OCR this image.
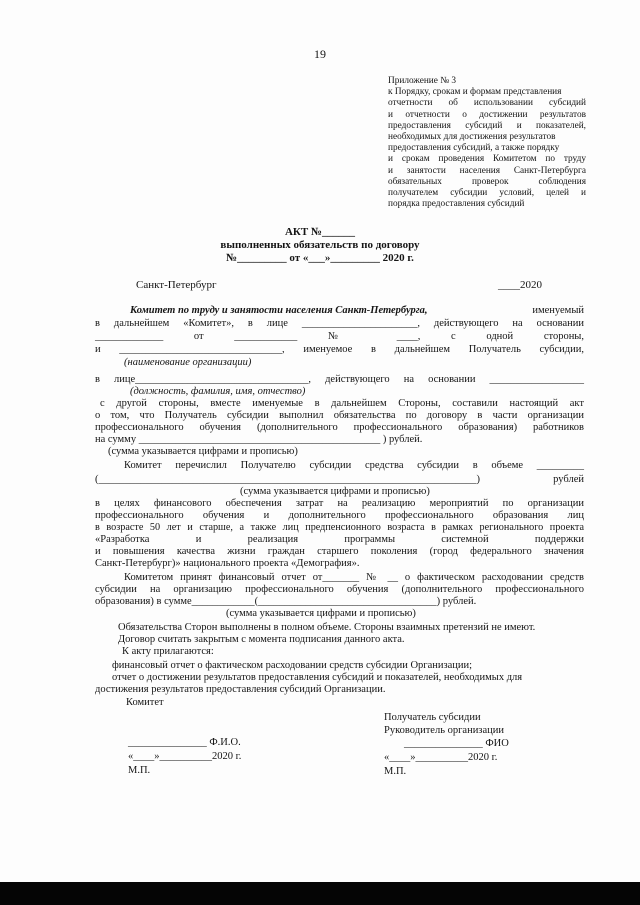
19
Приложение № 3
к Порядку, срокам и формам представления
отчетности об использовании субсидий
и отчетности о достижении результатов
предоставления субсидий и показателей,
необходимых для достижения результатов
предоставления субсидий, а также порядку
и срокам проведения Комитетом по труду
и занятости населения Санкт-Петербурга
обязательных проверок соблюдения
получателем субсидии условий, целей и
порядка предоставления субсидий
АКТ №______
выполненных обязательств по договору
№_________ от «___»_________ 2020 г.
Санкт-Петербург	____2020
Комитет по труду и занятости населения Санкт-Петербурга,	именуемый
в дальнейшем «Комитет», в лице ______________________, действующего на основании
_____________ от ____________ № ____, с одной стороны,
и _______________________________, именуемое в дальнейшем Получатель субсидии,
(наименование организации)
в лице_________________________________, действующего на основании __________________
(должность, фамилия, имя, отчество)
с другой стороны, вместе именуемые в дальнейшем Стороны, составили настоящий акт
о том, что Получатель субсидии выполнил обязательства по договору в части организации
профессионального обучения (дополнительного профессионального образования) работников
на сумму ______________________________________________ ) рублей.
(сумма указывается цифрами и прописью)
Комитет перечислил Получателю субсидии средства субсидии в объеме _________
(________________________________________________________________________) рублей
(сумма указывается цифрами и прописью)
в целях финансового обеспечения затрат на реализацию мероприятий по организации
профессионального обучения и дополнительного профессионального образования лиц
в возрасте 50 лет и старше, а также лиц предпенсионного возраста в рамках регионального проекта
«Разработка и реализация программы системной поддержки
и повышения качества жизни граждан старшего поколения (город федерального значения
Санкт-Петербург)» национального проекта «Демография».
Комитетом принят финансовый отчет от_______ № __ о фактическом расходовании средств
субсидии на организацию профессионального обучения (дополнительного профессионального
образования) в сумме____________(__________________________________) рублей.
(сумма указывается цифрами и прописью)
Обязательства Сторон выполнены в полном объеме. Стороны взаимных претензий не имеют.
Договор считать закрытым с момента подписания данного акта.
К акту прилагаются:
финансовый отчет о фактическом расходовании средств субсидии Организации;
отчет о достижении результатов предоставления субсидий и показателей, необходимых для
достижения результатов предоставления субсидий Организации.
Комитет
_______________ Ф.И.О.
«____»__________2020 г.
М.П.
Получатель субсидии
Руководитель организации
_______________ ФИО
«____»__________2020 г.
М.П.
